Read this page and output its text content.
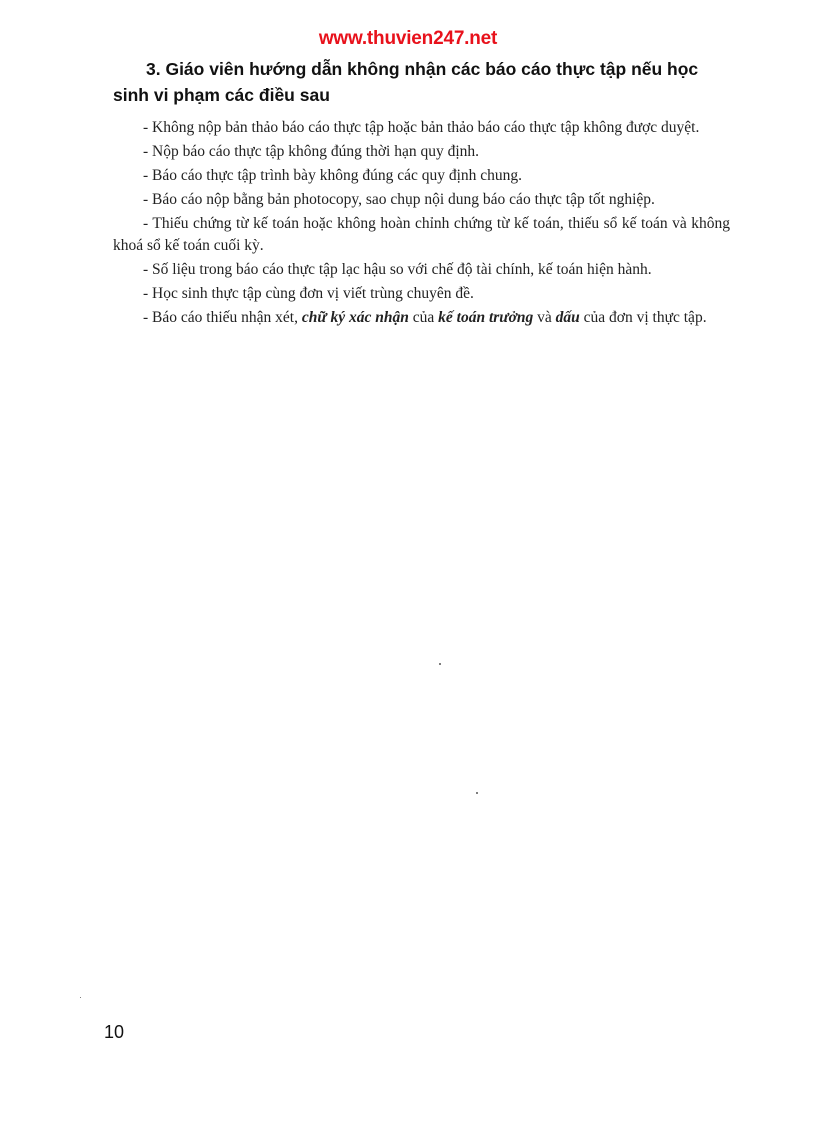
www.thuvien247.net

3. Giáo viên hướng dẫn không nhận các báo cáo thực tập nếu học sinh vi phạm các điều sau

- Không nộp bản thảo báo cáo thực tập hoặc bản thảo báo cáo thực tập không được duyệt.
- Nộp báo cáo thực tập không đúng thời hạn quy định.
- Báo cáo thực tập trình bày không đúng các quy định chung.
- Báo cáo nộp bằng bản photocopy, sao chụp nội dung báo cáo thực tập tốt nghiệp.
- Thiếu chứng từ kế toán hoặc không hoàn chỉnh chứng từ kế toán, thiếu sổ kế toán và không khoá sổ kế toán cuối kỳ.
- Số liệu trong báo cáo thực tập lạc hậu so với chế độ tài chính, kế toán hiện hành.
- Học sinh thực tập cùng đơn vị viết trùng chuyên đề.
- Báo cáo thiếu nhận xét, chữ ký xác nhận của kế toán trưởng và dấu của đơn vị thực tập.
10
